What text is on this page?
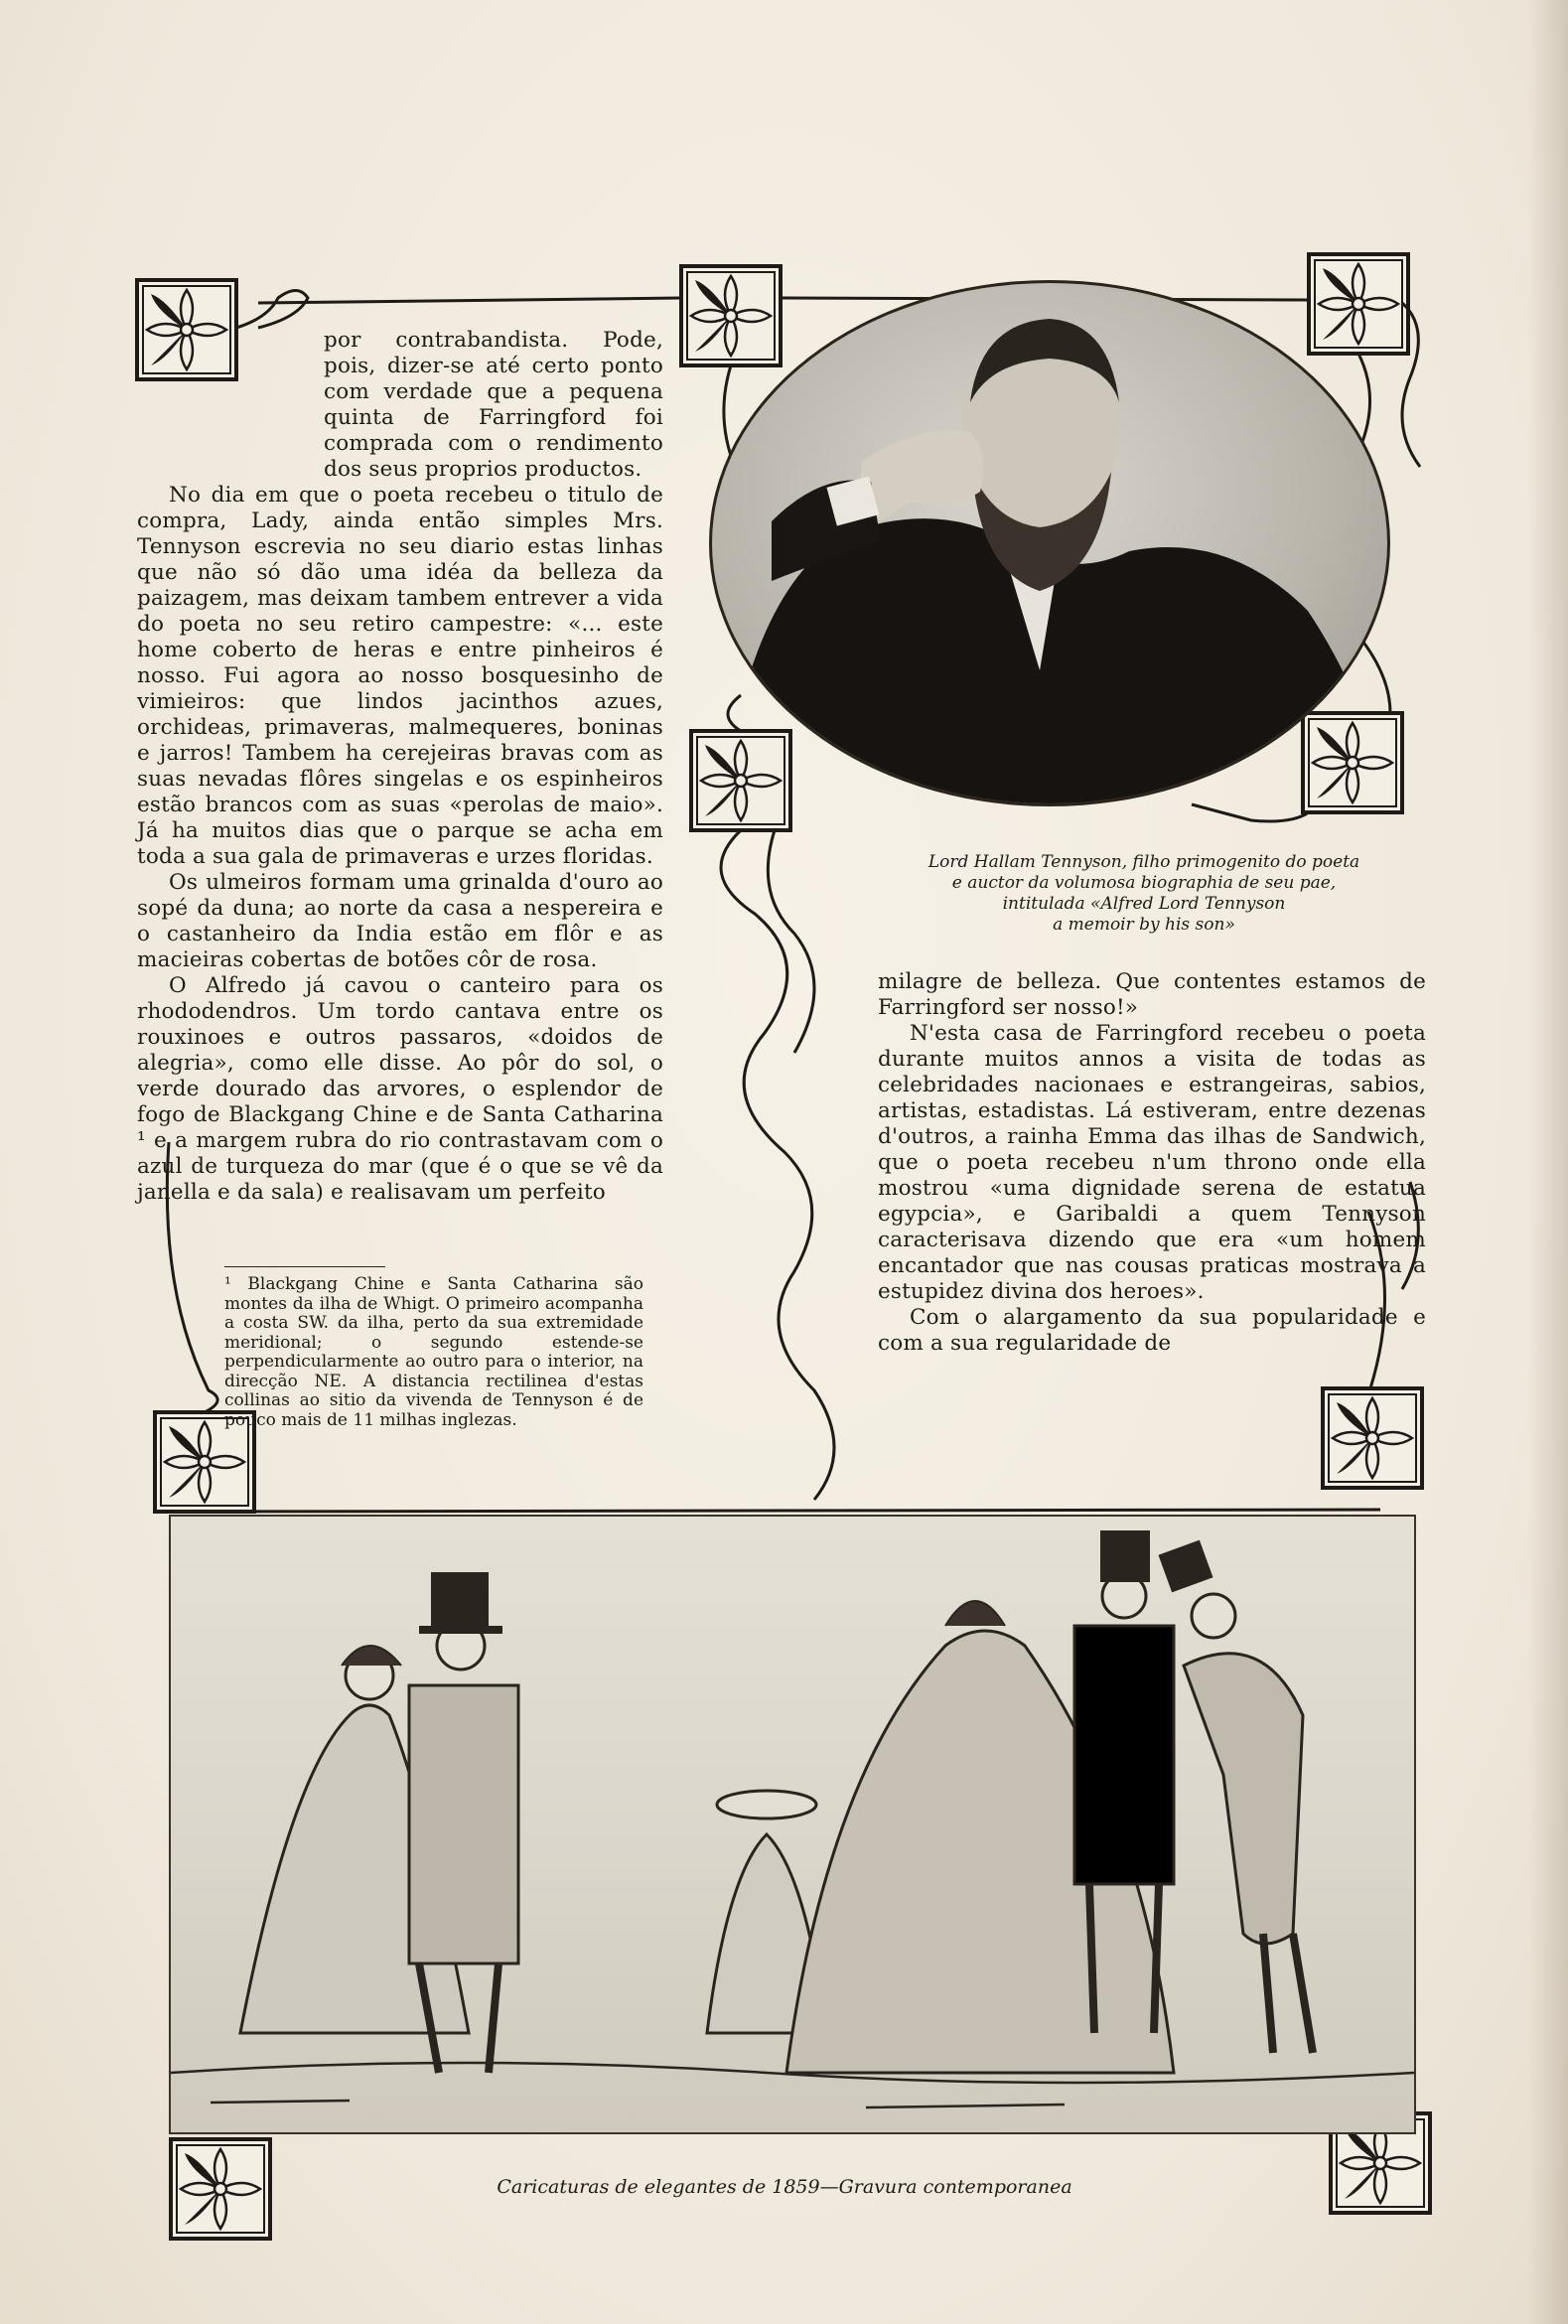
por contrabandista. Pode, pois, dizer-se até certo ponto com verdade que a pequena quinta de Farringford foi comprada com o rendimento dos seus proprios productos.

No dia em que o poeta recebeu o titulo de compra, Lady, ainda então simples Mrs. Tennyson escrevia no seu diario estas linhas que não só dão uma idéa da belleza da paizagem, mas deixam tambem entrever a vida do poeta no seu retiro campestre: «... este home coberto de heras e entre pinheiros é nosso. Fui agora ao nosso bosquesinho de vimieiros: que lindos jacinthos azues, orchideas, primaveras, malmequeres, boninas e jarros! Tambem ha cerejeiras bravas com as suas nevadas flôres singelas e os espinheiros estão brancos com as suas «perolas de maio». Já ha muitos dias que o parque se acha em toda a sua gala de primaveras e urzes floridas.

Os ulmeiros formam uma grinalda d'ouro ao sopé da duna; ao norte da casa a nespereira e o castanheiro da India estão em flôr e as macieiras cobertas de botões côr de rosa.

O Alfredo já cavou o canteiro para os rhododendros. Um tordo cantava entre os rouxinoes e outros passaros, «doidos de alegria», como elle disse. Ao pôr do sol, o verde dourado das arvores, o esplendor de fogo de Blackgang Chine e de Santa Catharina ¹ e a margem rubra do rio contrastavam com o azul de turqueza do mar (que é o que se vê da janella e da sala) e realisavam um perfeito

¹ Blackgang Chine e Santa Catharina são montes da ilha de Whigt. O primeiro acompanha a costa SW. da ilha, perto da sua extremidade meridional; o segundo estende-se perpendicularmente ao outro para o interior, na direcção NE. A distancia rectilinea d'estas collinas ao sitio da vivenda de Tennyson é de pouco mais de 11 milhas inglezas.
Lord Hallam Tennyson, filho primogenito do poeta
e auctor da volumosa biographia de seu pae,
intitulada «Alfred Lord Tennyson
a memoir by his son»

milagre de belleza. Que contentes estamos de Farringford ser nosso!»

N'esta casa de Farringford recebeu o poeta durante muitos annos a visita de todas as celebridades nacionaes e estrangeiras, sabios, artistas, estadistas. Lá estiveram, entre dezenas d'outros, a rainha Emma das ilhas de Sandwich, que o poeta recebeu n'um throno onde ella mostrou «uma dignidade serena de estatua egypcia», e Garibaldi a quem Tennyson caracterisava dizendo que era «um homem encantador que nas cousas praticas mostrava a estupidez divina dos heroes».

Com o alargamento da sua popularidade e com a sua regularidade de

Caricaturas de elegantes de 1859—Gravura contemporanea
